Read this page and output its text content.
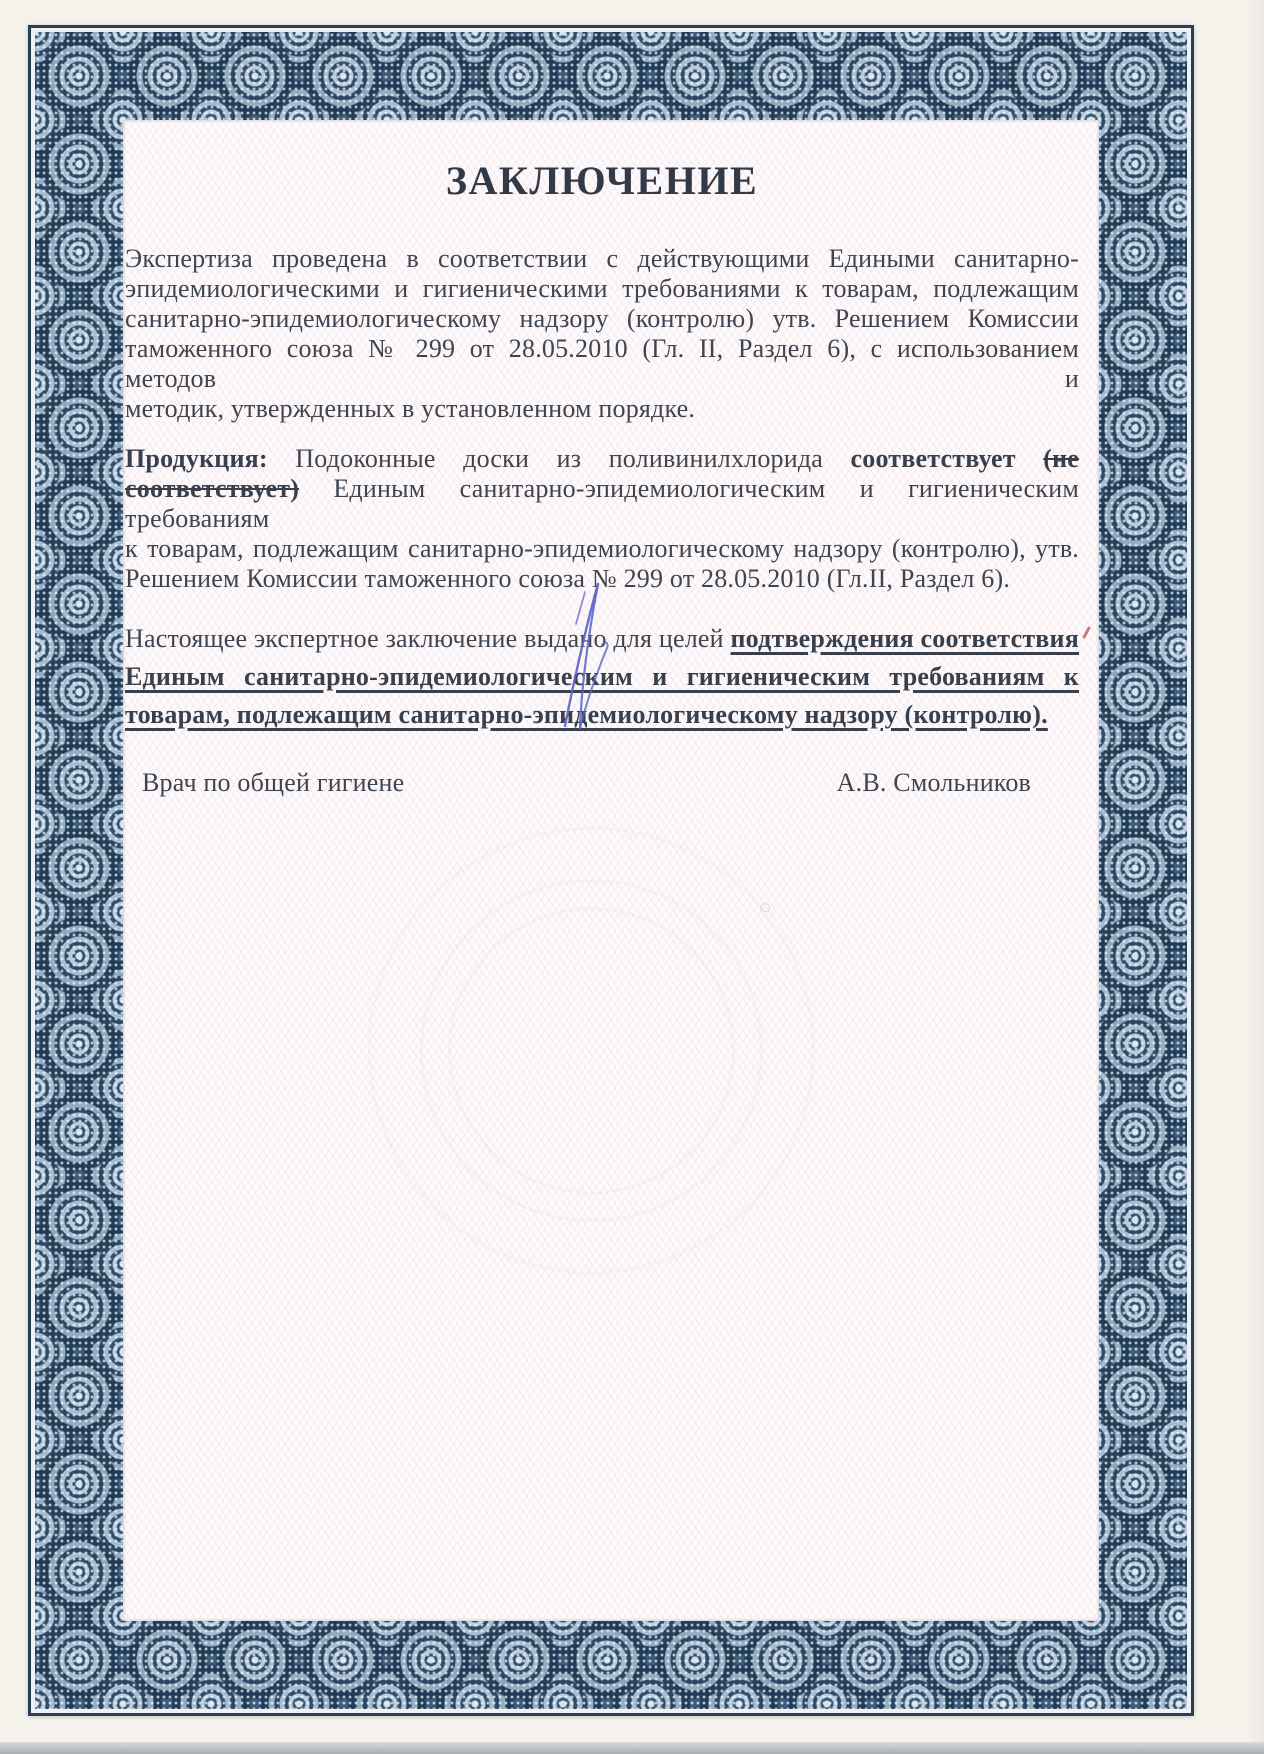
ЗАКЛЮЧЕНИЕ
Экспертиза проведена в соответствии с действующими Едиными санитарно-
эпидемиологическими и гигиеническими требованиями к товарам, подлежащим
санитарно-эпидемиологическому надзору (контролю) утв. Решением Комиссии
таможенного союза № 299 от 28.05.2010 (Гл. II, Раздел 6), с использованием методов и
методик, утвержденных в установленном порядке.
Продукция: Подоконные доски из поливинилхлорида соответствует (не
соответствует) Единым санитарно-эпидемиологическим и гигиеническим требованиям
к товарам, подлежащим санитарно-эпидемиологическому надзору (контролю), утв.
Решением Комиссии таможенного союза № 299 от 28.05.2010 (Гл.II, Раздел 6).
Настоящее экспертное заключение выдано для целей подтверждения соответствия
Единым санитарно-эпидемиологическим и гигиеническим требованиям к
товарам, подлежащим санитарно-эпидемиологическому надзору (контролю).
Врач по общей гигиене	А.В. Смольников
